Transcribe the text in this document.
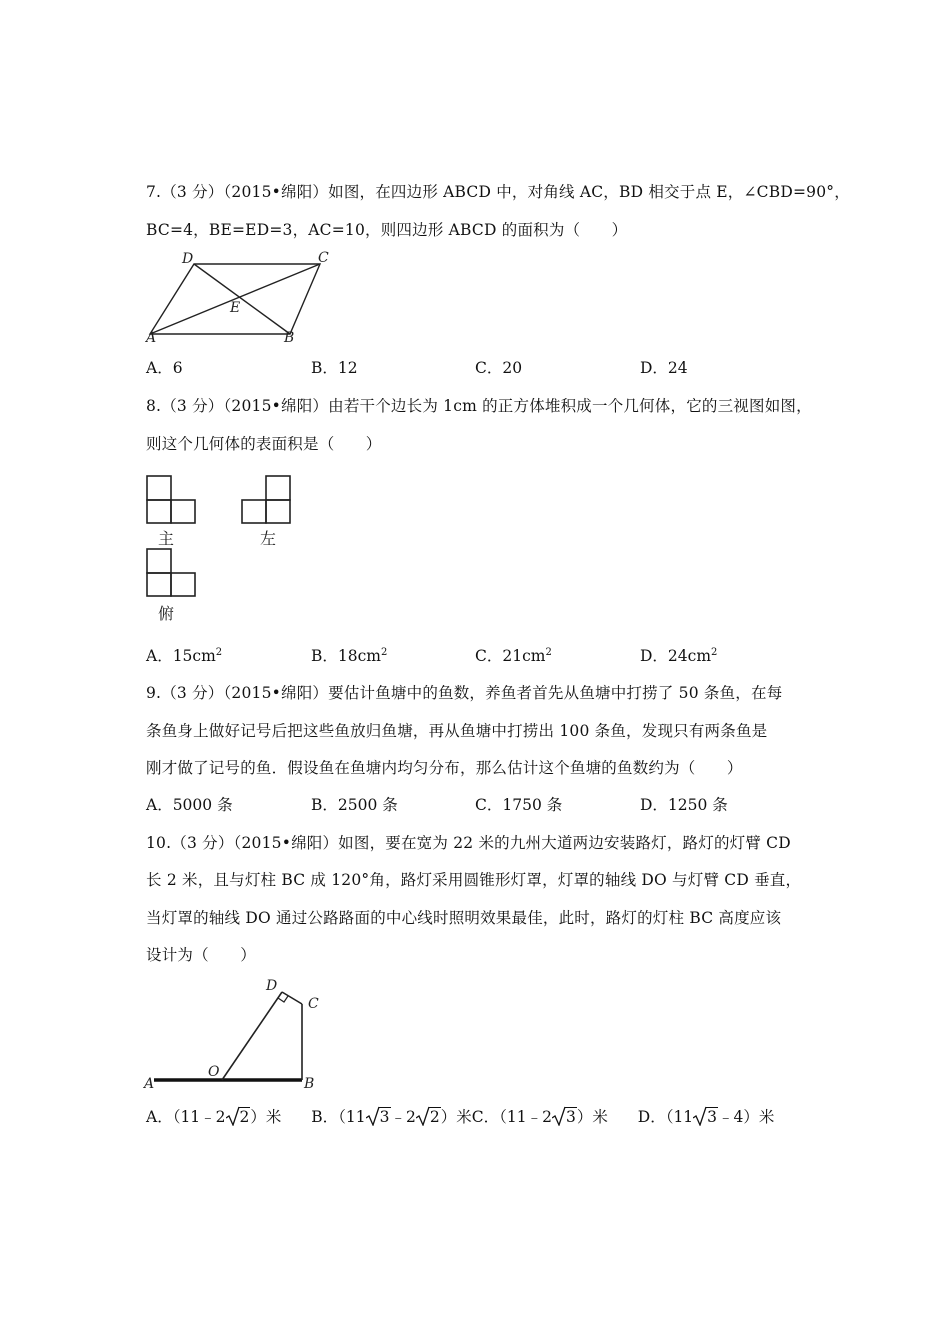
7.（3 分）（2015•绵阳）如图，在四边形 ABCD 中，对角线 AC，BD 相交于点 E，∠CBD=90°，
BC=4，BE=ED=3，AC=10，则四边形 ABCD 的面积为（　　）
D	C
E
A	B
A．6	B．12	C．20	D．24
8.（3 分）（2015•绵阳）由若干个边长为 1cm 的正方体堆积成一个几何体，它的三视图如图，
则这个几何体的表面积是（　　）
主	左
俯
A．$15cm^2$	B．$18cm^2$	C．$21cm^2$	D．$24cm^2$
9.（3 分）（2015•绵阳）要估计鱼塘中的鱼数，养鱼者首先从鱼塘中打捞了 50 条鱼，在每
条鱼身上做好记号后把这些鱼放归鱼塘，再从鱼塘中打捞出 100 条鱼，发现只有两条鱼是
刚才做了记号的鱼．假设鱼在鱼塘内均匀分布，那么估计这个鱼塘的鱼数约为（　　）
A．5000 条	B．2500 条	C．1750 条	D．1250 条
10.（3 分）（2015•绵阳）如图，要在宽为 22 米的九州大道两边安装路灯，路灯的灯臂 CD
长 2 米，且与灯柱 BC 成 120°角，路灯采用圆锥形灯罩，灯罩的轴线 DO 与灯臂 CD 垂直，
当灯罩的轴线 DO 通过公路路面的中心线时照明效果最佳，此时，路灯的灯柱 BC 高度应该
设计为（　　）
D
C
O
A	B
A．（11﹣2 2）米 B．（11 3﹣2 2）米C．（11﹣2 3）米 D．（11 3﹣4）米
